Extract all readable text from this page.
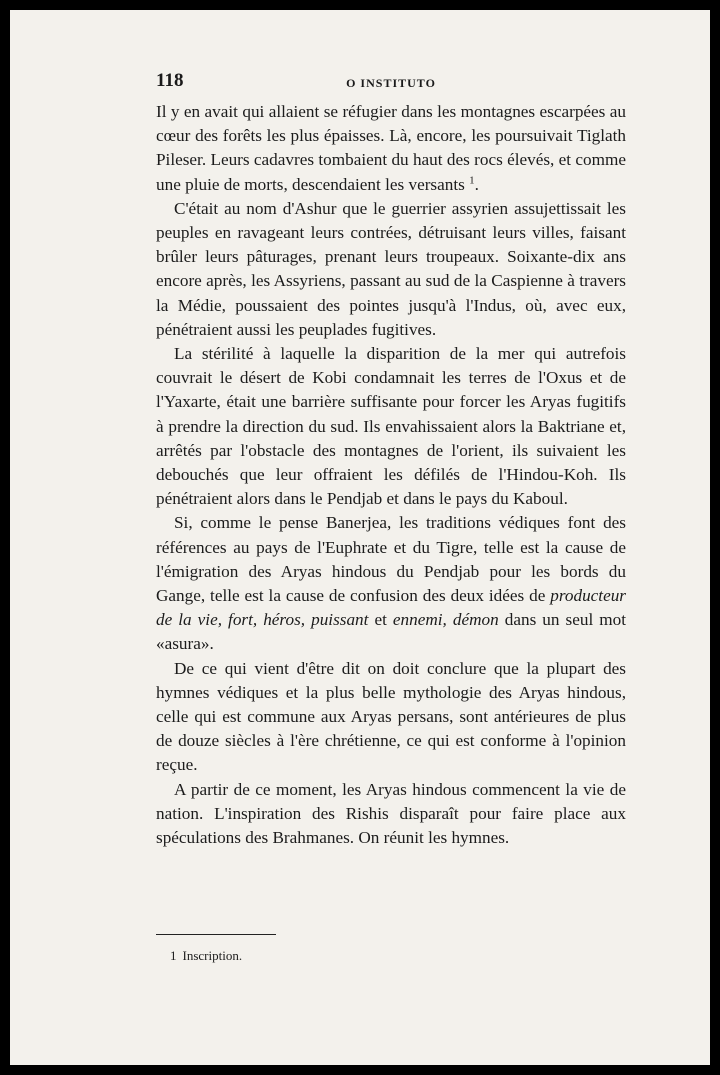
118	O INSTITUTO

Il y en avait qui allaient se réfugier dans les montagnes escarpées au cœur des forêts les plus épaisses. Là, encore, les poursuivait Tiglath Pileser. Leurs cadavres tombaient du haut des rocs élevés, et comme une pluie de morts, descendaient les versants $^1$.

C'était au nom d'Ashur que le guerrier assyrien assujettissait les peuples en ravageant leurs contrées, détruisant leurs villes, faisant brûler leurs pâturages, prenant leurs troupeaux. Soixante-dix ans encore après, les Assyriens, passant au sud de la Caspienne à travers la Médie, poussaient des pointes jusqu'à l'Indus, où, avec eux, pénétraient aussi les peuplades fugitives.

La stérilité à laquelle la disparition de la mer qui autrefois couvrait le désert de Kobi condamnait les terres de l'Oxus et de l'Yaxarte, était une barrière suffisante pour forcer les Aryas fugitifs à prendre la direction du sud. Ils envahissaient alors la Baktriane et, arrêtés par l'obstacle des montagnes de l'orient, ils suivaient les debouchés que leur offraient les défilés de l'Hindou-Koh. Ils pénétraient alors dans le Pendjab et dans le pays du Kaboul.

Si, comme le pense Banerjea, les traditions védiques font des références au pays de l'Euphrate et du Tigre, telle est la cause de l'émigration des Aryas hindous du Pendjab pour les bords du Gange, telle est la cause de confusion des deux idées de producteur de la vie, fort, héros, puissant et ennemi, démon dans un seul mot «asura».

De ce qui vient d'être dit on doit conclure que la plupart des hymnes védiques et la plus belle mythologie des Aryas hindous, celle qui est commune aux Aryas persans, sont antérieures de plus de douze siècles à l'ère chrétienne, ce qui est conforme à l'opinion reçue.

A partir de ce moment, les Aryas hindous commencent la vie de nation. L'inspiration des Rishis disparaît pour faire place aux spéculations des Brahmanes. On réunit les hymnes.

1 Inscription.
